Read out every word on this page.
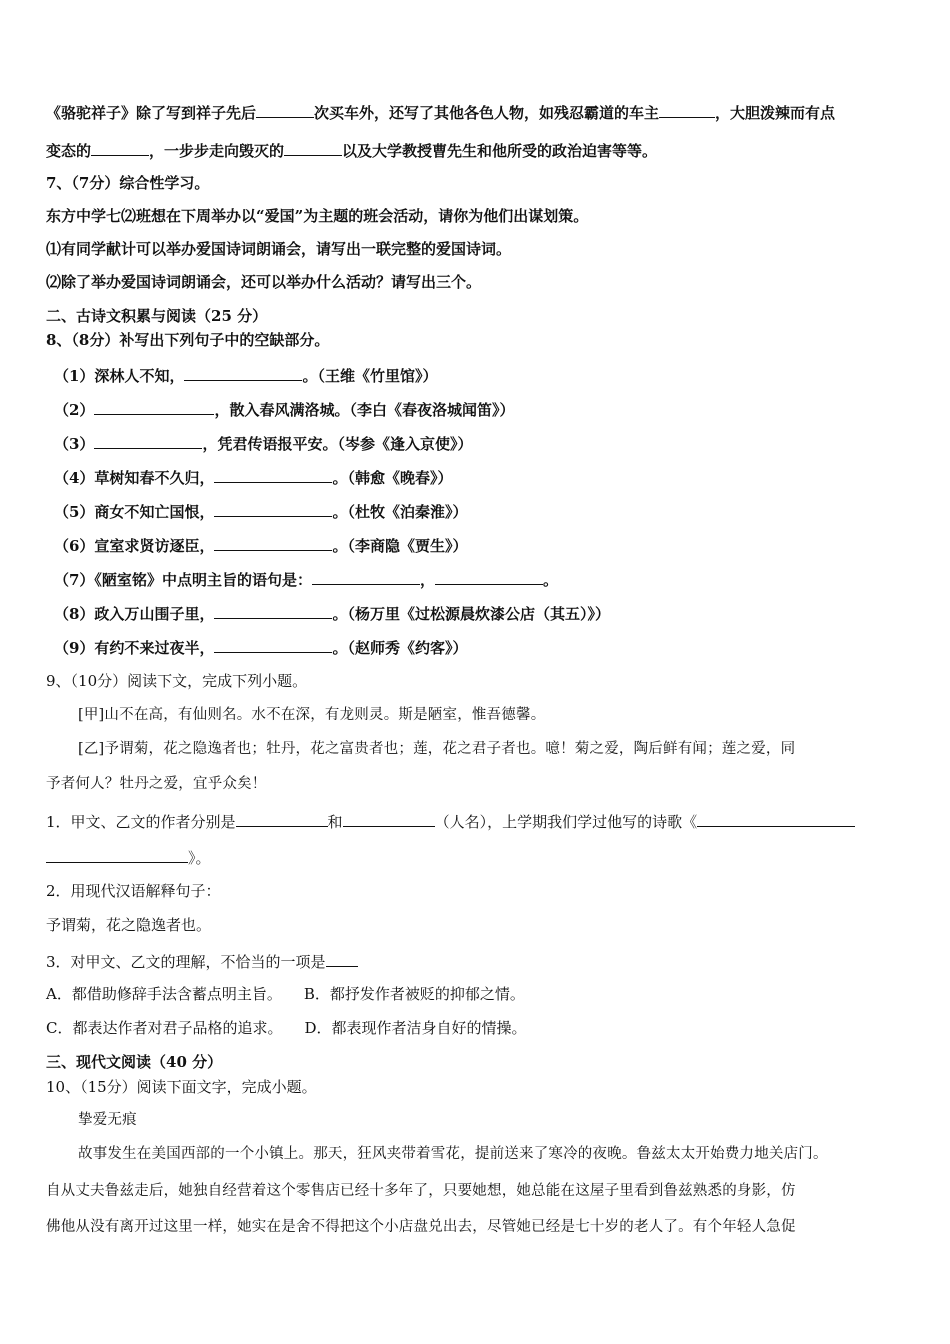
《骆驼祥子》除了写到祥子先后	次买车外，还写了其他各色人物，如残忍霸道的车主	，大胆泼辣而有点
变态的	，一步步走向毁灭的	以及大学教授曹先生和他所受的政治迫害等等。
7、（7分）综合性学习。
东方中学七⑵班想在下周举办以“爱国”为主题的班会活动，请你为他们出谋划策。
⑴有同学献计可以举办爱国诗词朗诵会，请写出一联完整的爱国诗词。
⑵除了举办爱国诗词朗诵会，还可以举办什么活动？请写出三个。
二、古诗文积累与阅读（25 分）
8、（8分）补写出下列句子中的空缺部分。
（1）深林人不知，	。（王维《竹里馆》）
（2）	，散入春风满洛城。（李白《春夜洛城闻笛》）
（3）	，凭君传语报平安。（岑参《逢入京使》）
（4）草树知春不久归，	。（韩愈《晚春》）
（5）商女不知亡国恨，	。（杜牧《泊秦淮》）
（6）宣室求贤访逐臣，	。（李商隐《贾生》）
（7）《陋室铭》中点明主旨的语句是：	，	。
（8）政入万山围子里，	。（杨万里《过松源晨炊漆公店（其五）》）
（9）有约不来过夜半，	。（赵师秀《约客》）
9、（10分）阅读下文，完成下列小题。
[甲]山不在高，有仙则名。水不在深，有龙则灵。斯是陋室，惟吾德馨。
[乙]予谓菊，花之隐逸者也；牡丹，花之富贵者也；莲，花之君子者也。噫！菊之爱，陶后鲜有闻；莲之爱，同
予者何人？牡丹之爱，宜乎众矣！
1．甲文、乙文的作者分别是	和	（人名），上学期我们学过他写的诗歌《
》。
2．用现代汉语解释句子：
予谓菊，花之隐逸者也。
3．对甲文、乙文的理解，不恰当的一项是
A．都借助修辞手法含蓄点明主旨。 B．都抒发作者被贬的抑郁之情。
C．都表达作者对君子品格的追求。 D．都表现作者洁身自好的情操。
三、现代文阅读（40 分）
10、（15分）阅读下面文字，完成小题。
挚爱无痕
故事发生在美国西部的一个小镇上。那天，狂风夹带着雪花，提前送来了寒冷的夜晚。鲁兹太太开始费力地关店门。
自从丈夫鲁兹走后，她独自经营着这个零售店已经十多年了，只要她想，她总能在这屋子里看到鲁兹熟悉的身影，仿
佛他从没有离开过这里一样，她实在是舍不得把这个小店盘兑出去，尽管她已经是七十岁的老人了。有个年轻人急促
